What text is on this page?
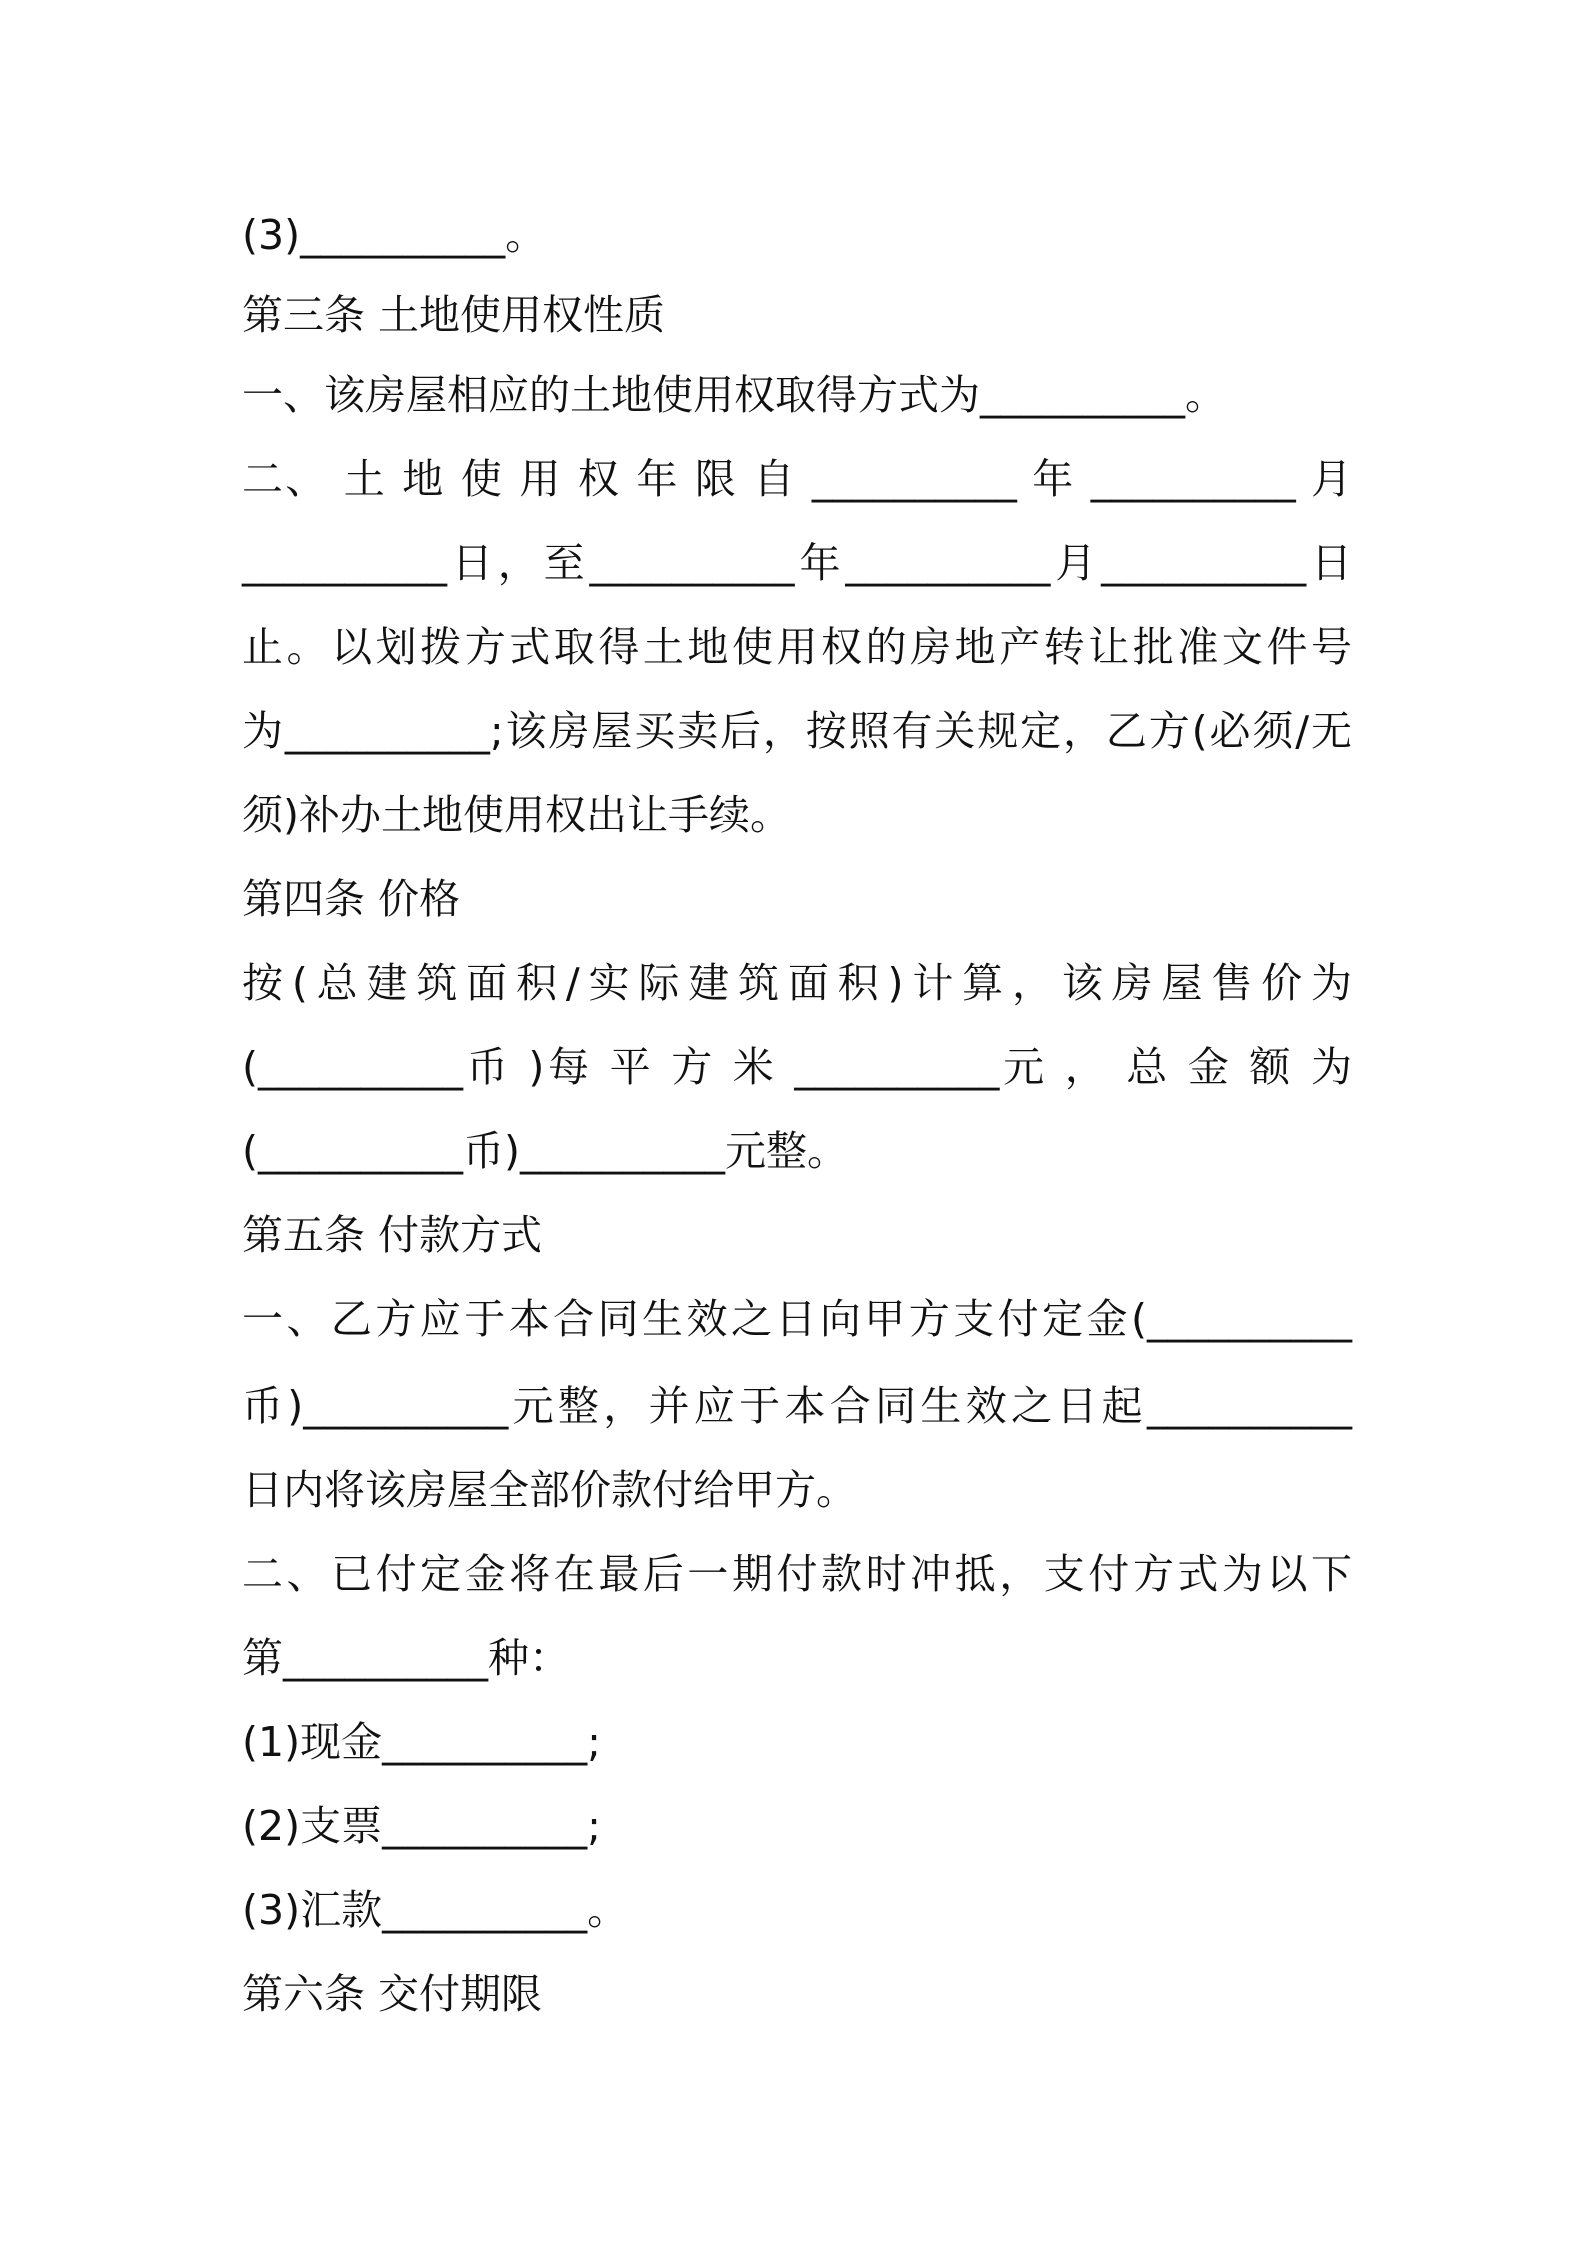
(3)__________。

第三条 土地使用权性质

一、该房屋相应的土地使用权取得方式为__________。

二、 土 地 使 用 权 年 限 自 __________ 年 __________ 月

__________日，至__________年__________月__________日

止。以划拨方式取得土地使用权的房地产转让批准文件号

为__________;该房屋买卖后，按照有关规定，乙方(必须/无

须)补办土地使用权出让手续。

第四条 价格

按(总建筑面积/实际建筑面积)计算，该房屋售价为

(__________币 )每 平 方 米 __________元 ， 总 金 额 为

(__________币)__________元整。

第五条 付款方式

一、乙方应于本合同生效之日向甲方支付定金(__________

币)__________元整，并应于本合同生效之日起__________

日内将该房屋全部价款付给甲方。

二、已付定金将在最后一期付款时冲抵，支付方式为以下

第__________种：

(1)现金__________;

(2)支票__________;

(3)汇款__________。

第六条 交付期限
